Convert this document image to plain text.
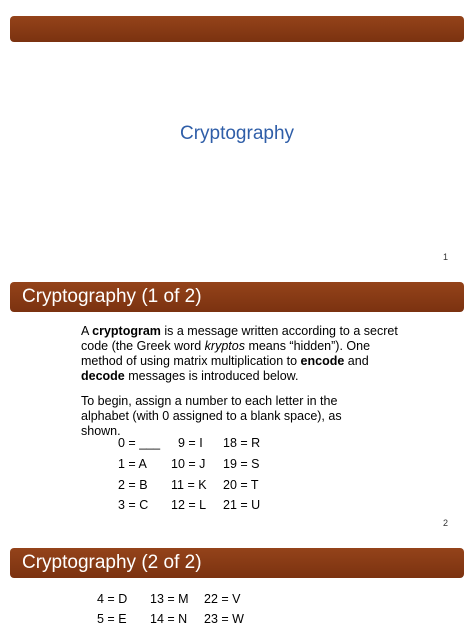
Cryptography
1
Cryptography (1 of 2)
A cryptogram is a message written according to a secret code (the Greek word kryptos means “hidden”). One method of using matrix multiplication to encode and decode messages is introduced below.
To begin, assign a number to each letter in the alphabet (with 0 assigned to a blank space), as shown.
0 = ___ 9 = I 18 = R
1 = A 10 = J 19 = S
2 = B 11 = K 20 = T
3 = C 12 = L 21 = U
2
Cryptography (2 of 2)
4 = D 13 = M 22 = V
5 = E 14 = N 23 = W
